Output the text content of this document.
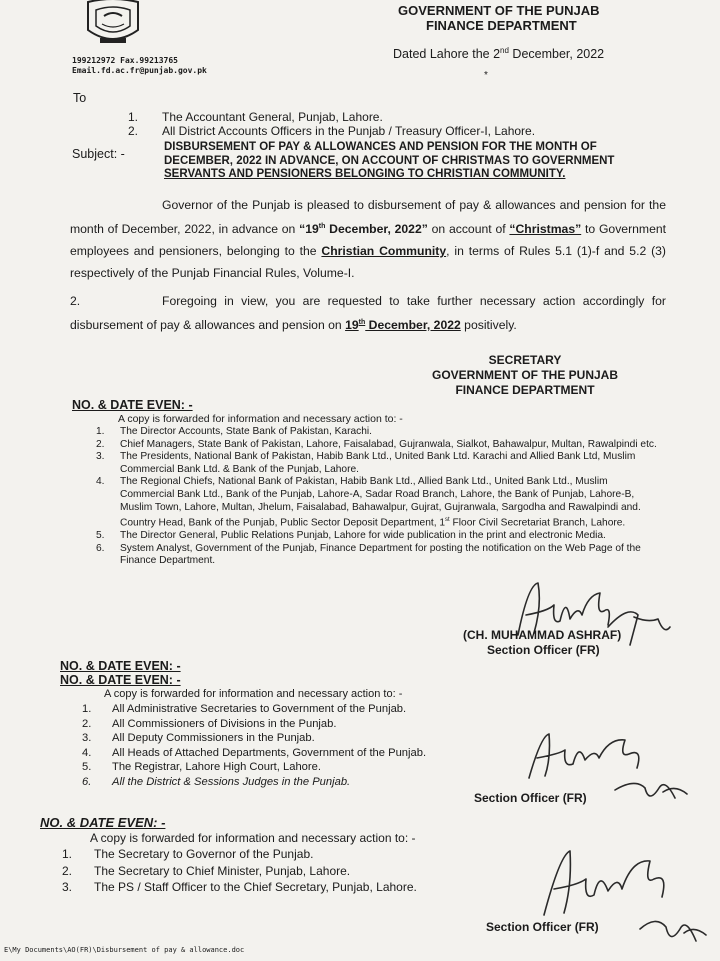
GOVERNMENT OF THE PUNJAB
FINANCE DEPARTMENT
199212972 Fax.99213765
Email.fd.ac.fr@punjab.gov.pk
Dated Lahore the 2nd December, 2022
*
To
1. The Accountant General, Punjab, Lahore.
2. All District Accounts Officers in the Punjab / Treasury Officer-I, Lahore.
Subject: -	DISBURSEMENT OF PAY & ALLOWANCES AND PENSION FOR THE MONTH OF
DECEMBER, 2022 IN ADVANCE, ON ACCOUNT OF CHRISTMAS TO GOVERNMENT
SERVANTS AND PENSIONERS BELONGING TO CHRISTIAN COMMUNITY.
Governor of the Punjab is pleased to disbursement of pay & allowances and pension for the month of December, 2022, in advance on “19th December, 2022” on account of “Christmas” to Government employees and pensioners, belonging to the Christian Community, in terms of Rules 5.1 (1)-f and 5.2 (3) respectively of the Punjab Financial Rules, Volume-I.
2.	Foregoing in view, you are requested to take further necessary action accordingly for disbursement of pay & allowances and pension on 19th December, 2022 positively.
SECRETARY
GOVERNMENT OF THE PUNJAB
FINANCE DEPARTMENT
NO. & DATE EVEN: -
A copy is forwarded for information and necessary action to: -
1. The Director Accounts, State Bank of Pakistan, Karachi.
2. Chief Managers, State Bank of Pakistan, Lahore, Faisalabad, Gujranwala, Sialkot, Bahawalpur, Multan, Rawalpindi etc.
3. The Presidents, National Bank of Pakistan, Habib Bank Ltd., United Bank Ltd. Karachi and Allied Bank Ltd, Muslim Commercial Bank Ltd. & Bank of the Punjab, Lahore.
4. The Regional Chiefs, National Bank of Pakistan, Habib Bank Ltd., Allied Bank Ltd., United Bank Ltd., Muslim Commercial Bank Ltd., Bank of the Punjab, Lahore-A, Sadar Road Branch, Lahore, the Bank of Punjab, Lahore-B, Muslim Town, Lahore, Multan, Jhelum, Faisalabad, Bahawalpur, Gujrat, Gujranwala, Sargodha and Rawalpindi and. Country Head, Bank of the Punjab, Public Sector Deposit Department, 1st Floor Civil Secretariat Branch, Lahore.
5. The Director General, Public Relations Punjab, Lahore for wide publication in the print and electronic Media.
6. System Analyst, Government of the Punjab, Finance Department for posting the notification on the Web Page of the Finance Department.
(CH. MUHAMMAD ASHRAF)
Section Officer (FR)
NO. & DATE EVEN: -
NO. & DATE EVEN: -
A copy is forwarded for information and necessary action to: -
1. All Administrative Secretaries to Government of the Punjab.
2. All Commissioners of Divisions in the Punjab.
3. All Deputy Commissioners in the Punjab.
4. All Heads of Attached Departments, Government of the Punjab.
5. The Registrar, Lahore High Court, Lahore.
6. All the District & Sessions Judges in the Punjab.
Section Officer (FR)
NO. & DATE EVEN: -
A copy is forwarded for information and necessary action to: -
1. The Secretary to Governor of the Punjab.
2. The Secretary to Chief Minister, Punjab, Lahore.
3. The PS / Staff Officer to the Chief Secretary, Punjab, Lahore.
Section Officer (FR)
E\My Documents\AO(FR)\Disbursement of pay & allowance.doc
